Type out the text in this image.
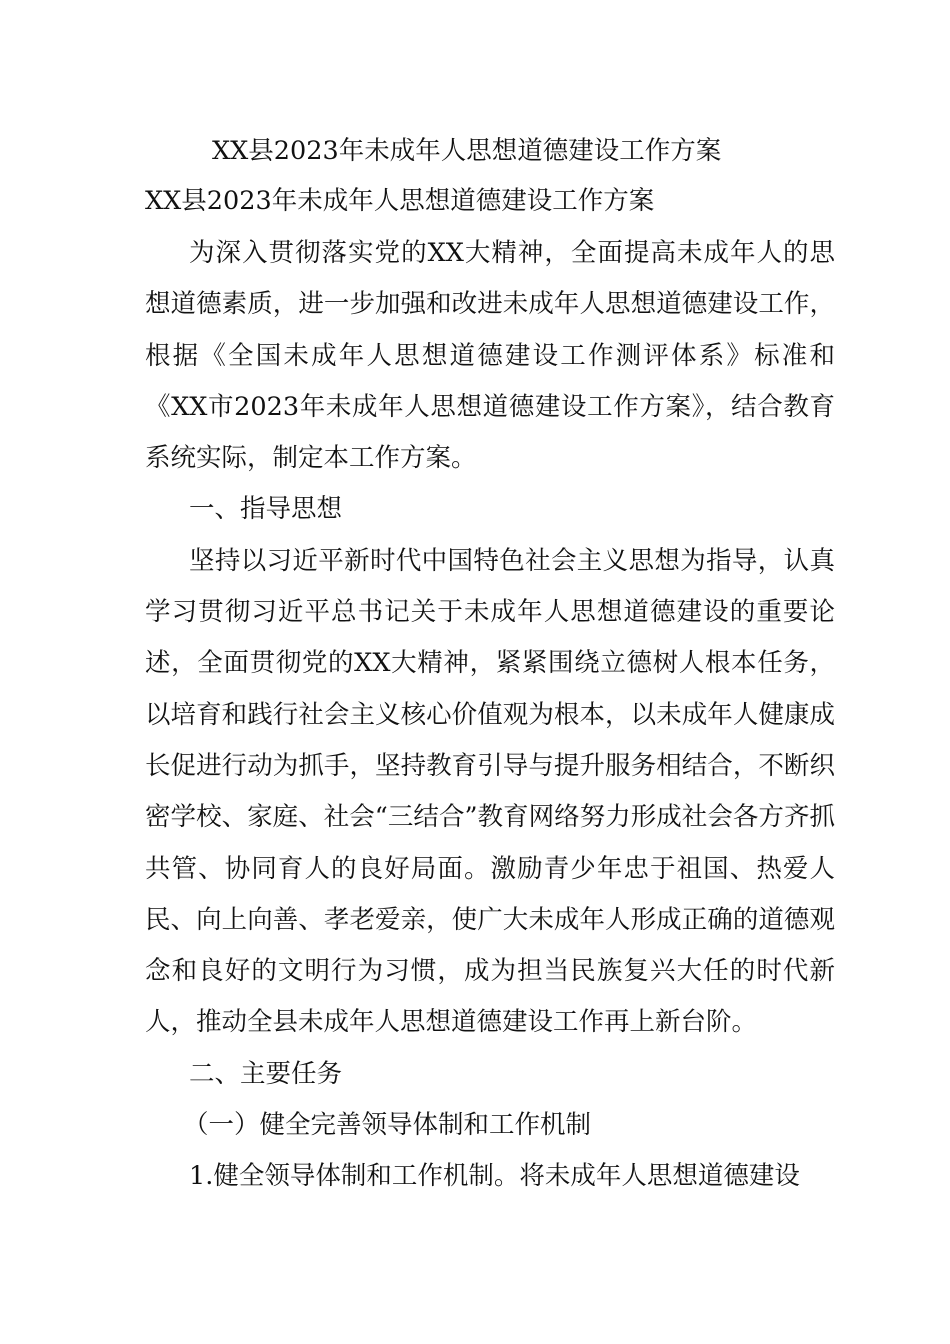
XX县2023年未成年人思想道德建设工作方案
XX县2023年未成年人思想道德建设工作方案

为深入贯彻落实党的XX大精神，全面提高未成年人的思想道德素质，进一步加强和改进未成年人思想道德建设工作，根据《全国未成年人思想道德建设工作测评体系》标准和《XX市2023年未成年人思想道德建设工作方案》，结合教育系统实际，制定本工作方案。

一、指导思想

坚持以习近平新时代中国特色社会主义思想为指导，认真学习贯彻习近平总书记关于未成年人思想道德建设的重要论述，全面贯彻党的XX大精神，紧紧围绕立德树人根本任务，以培育和践行社会主义核心价值观为根本，以未成年人健康成长促进行动为抓手，坚持教育引导与提升服务相结合，不断织密学校、家庭、社会“三结合”教育网络努力形成社会各方齐抓共管、协同育人的良好局面。激励青少年忠于祖国、热爱人民、向上向善、孝老爱亲，使广大未成年人形成正确的道德观念和良好的文明行为习惯，成为担当民族复兴大任的时代新人，推动全县未成年人思想道德建设工作再上新台阶。

二、主要任务

（一）健全完善领导体制和工作机制

1.健全领导体制和工作机制。将未成年人思想道德建设
